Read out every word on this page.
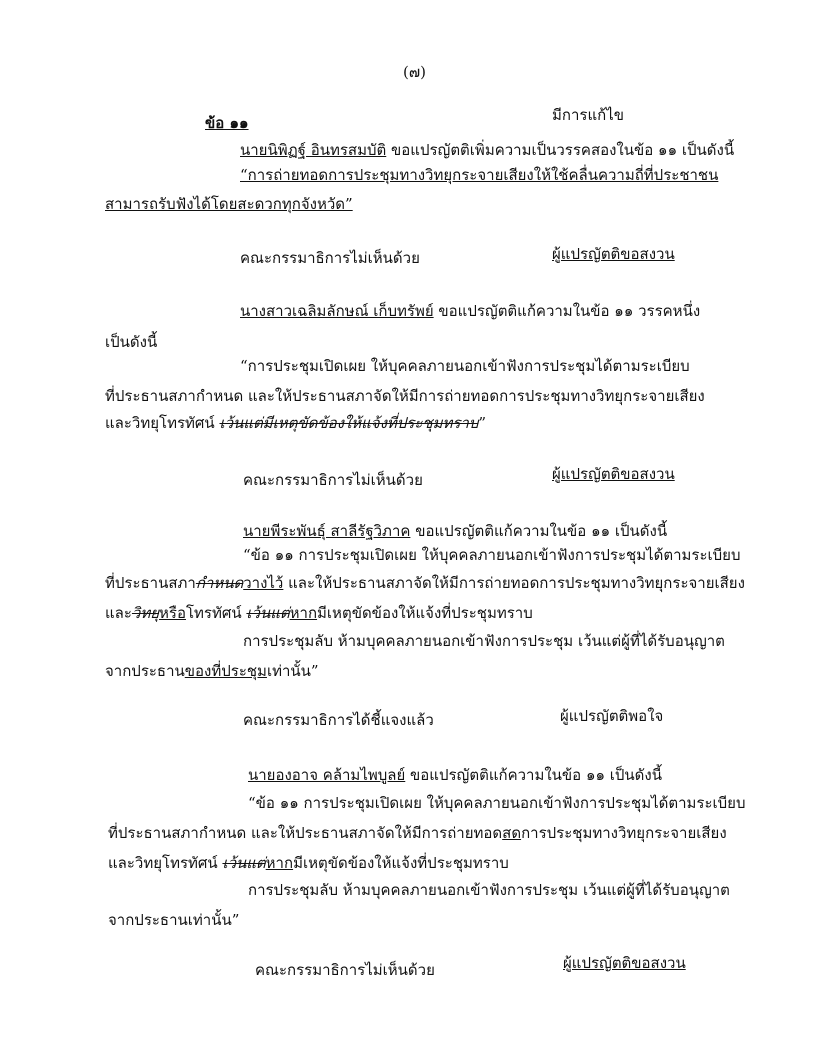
(๗)
ข้อ ๑๑	มีการแก้ไข
นายนิพิฏฐ์ อินทรสมบัติ ขอแปรญัตติเพิ่มความเป็นวรรคสองในข้อ ๑๑ เป็นดังนี้
“การถ่ายทอดการประชุมทางวิทยุกระจายเสียงให้ใช้คลื่นความถี่ที่ประชาชน
สามารถรับฟังได้โดยสะดวกทุกจังหวัด”
คณะกรรมาธิการไม่เห็นด้วย	ผู้แปรญัตติขอสงวน
นางสาวเฉลิมลักษณ์ เก็บทรัพย์ ขอแปรญัตติแก้ความในข้อ ๑๑ วรรคหนึ่ง
เป็นดังนี้
“การประชุมเปิดเผย ให้บุคคลภายนอกเข้าฟังการประชุมได้ตามระเบียบ
ที่ประธานสภากำหนด และให้ประธานสภาจัดให้มีการถ่ายทอดการประชุมทางวิทยุกระจายเสียง
และวิทยุโทรทัศน์ เว้นแต่มีเหตุขัดข้องให้แจ้งที่ประชุมทราบ”
คณะกรรมาธิการไม่เห็นด้วย	ผู้แปรญัตติขอสงวน
นายพีระพันธุ์ สาลีรัฐวิภาค ขอแปรญัตติแก้ความในข้อ ๑๑ เป็นดังนี้
“ข้อ ๑๑ การประชุมเปิดเผย ให้บุคคลภายนอกเข้าฟังการประชุมได้ตามระเบียบ
ที่ประธานสภากำหนดวางไว้ และให้ประธานสภาจัดให้มีการถ่ายทอดการประชุมทางวิทยุกระจายเสียง
และวิทยุหรือโทรทัศน์ เว้นแต่หากมีเหตุขัดข้องให้แจ้งที่ประชุมทราบ
การประชุมลับ ห้ามบุคคลภายนอกเข้าฟังการประชุม เว้นแต่ผู้ที่ได้รับอนุญาต
จากประธานของที่ประชุมเท่านั้น”
คณะกรรมาธิการได้ชี้แจงแล้ว	ผู้แปรญัตติพอใจ
นายองอาจ คล้ามไพบูลย์ ขอแปรญัตติแก้ความในข้อ ๑๑ เป็นดังนี้
“ข้อ ๑๑ การประชุมเปิดเผย ให้บุคคลภายนอกเข้าฟังการประชุมได้ตามระเบียบ
ที่ประธานสภากำหนด และให้ประธานสภาจัดให้มีการถ่ายทอดสดการประชุมทางวิทยุกระจายเสียง
และวิทยุโทรทัศน์ เว้นแต่หากมีเหตุขัดข้องให้แจ้งที่ประชุมทราบ
การประชุมลับ ห้ามบุคคลภายนอกเข้าฟังการประชุม เว้นแต่ผู้ที่ได้รับอนุญาต
จากประธานเท่านั้น”
คณะกรรมาธิการไม่เห็นด้วย	ผู้แปรญัตติขอสงวน
